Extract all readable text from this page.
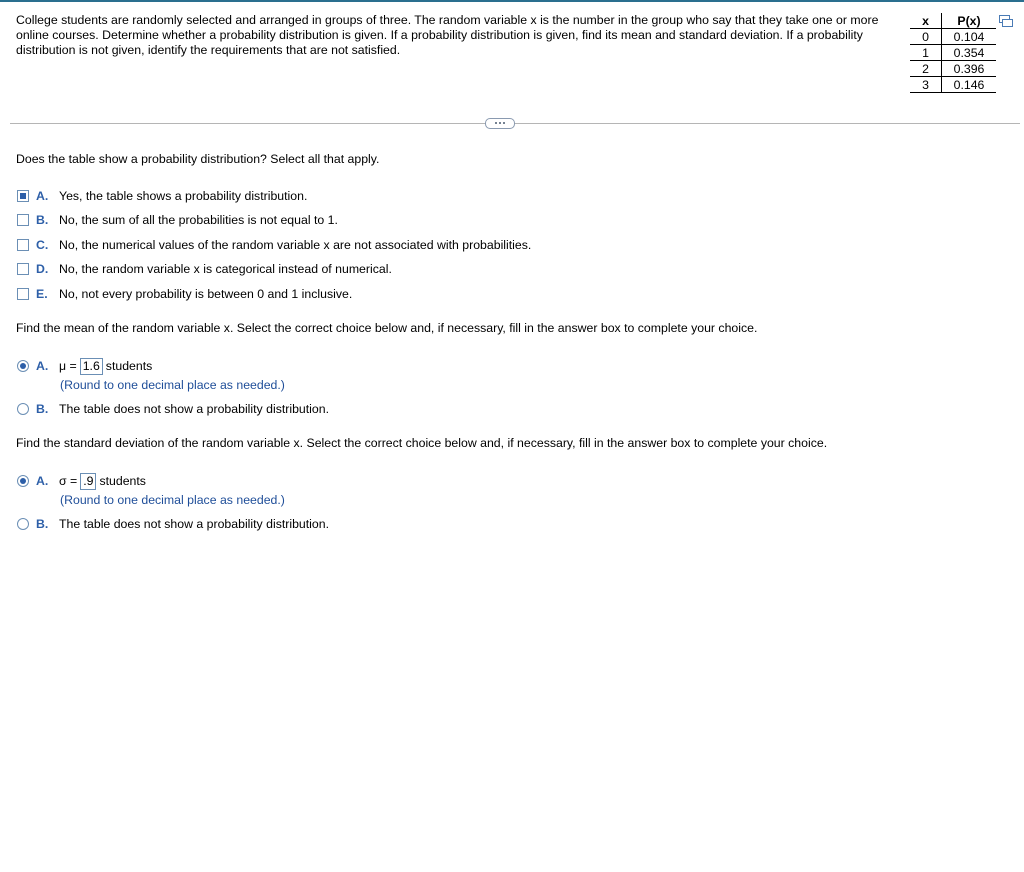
College students are randomly selected and arranged in groups of three. The random variable x is the number in the group who say that they take one or more online courses. Determine whether a probability distribution is given. If a probability distribution is given, find its mean and standard deviation. If a probability distribution is not given, identify the requirements that are not satisfied.
x	P(x)
0	0.104
1	0.354
2	0.396
3	0.146
Does the table show a probability distribution? Select all that apply.
A. Yes, the table shows a probability distribution.
B. No, the sum of all the probabilities is not equal to 1.
C. No, the numerical values of the random variable x are not associated with probabilities.
D. No, the random variable x is categorical instead of numerical.
E. No, not every probability is between 0 and 1 inclusive.
Find the mean of the random variable x. Select the correct choice below and, if necessary, fill in the answer box to complete your choice.
A. μ = 1.6 students
(Round to one decimal place as needed.)
B. The table does not show a probability distribution.
Find the standard deviation of the random variable x. Select the correct choice below and, if necessary, fill in the answer box to complete your choice.
A. σ = .9 students
(Round to one decimal place as needed.)
B. The table does not show a probability distribution.
